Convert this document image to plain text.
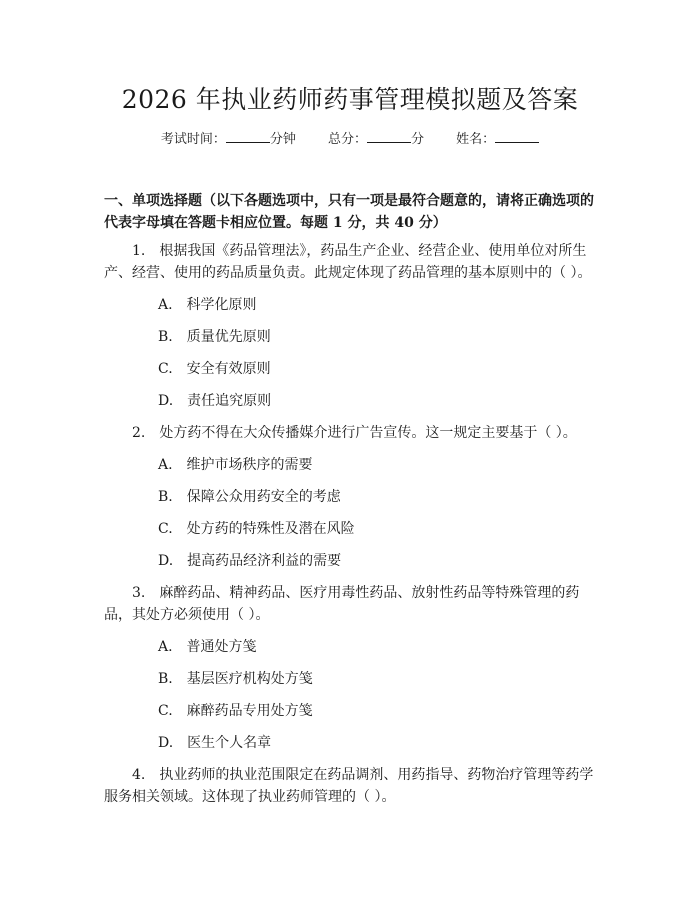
2026 年执业药师药事管理模拟题及答案
考试时间：	分钟 总分：	分 姓名：
一、单项选择题（以下各题选项中，只有一项是最符合题意的，请将正确选项的代表字母填在答题卡相应位置。每题 1 分，共 40 分）

1.　根据我国《药品管理法》，药品生产企业、经营企业、使用单位对所生产、经营、使用的药品质量负责。此规定体现了药品管理的基本原则中的（ ）。

A.　科学化原则

B.　质量优先原则

C.　安全有效原则

D.　责任追究原则

2.　处方药不得在大众传播媒介进行广告宣传。这一规定主要基于（ ）。

A.　维护市场秩序的需要

B.　保障公众用药安全的考虑

C.　处方药的特殊性及潜在风险

D.　提高药品经济利益的需要

3.　麻醉药品、精神药品、医疗用毒性药品、放射性药品等特殊管理的药品，其处方必须使用（ ）。

A.　普通处方笺

B.　基层医疗机构处方笺

C.　麻醉药品专用处方笺

D.　医生个人名章

4.　执业药师的执业范围限定在药品调剂、用药指导、药物治疗管理等药学服务相关领域。这体现了执业药师管理的（ ）。
